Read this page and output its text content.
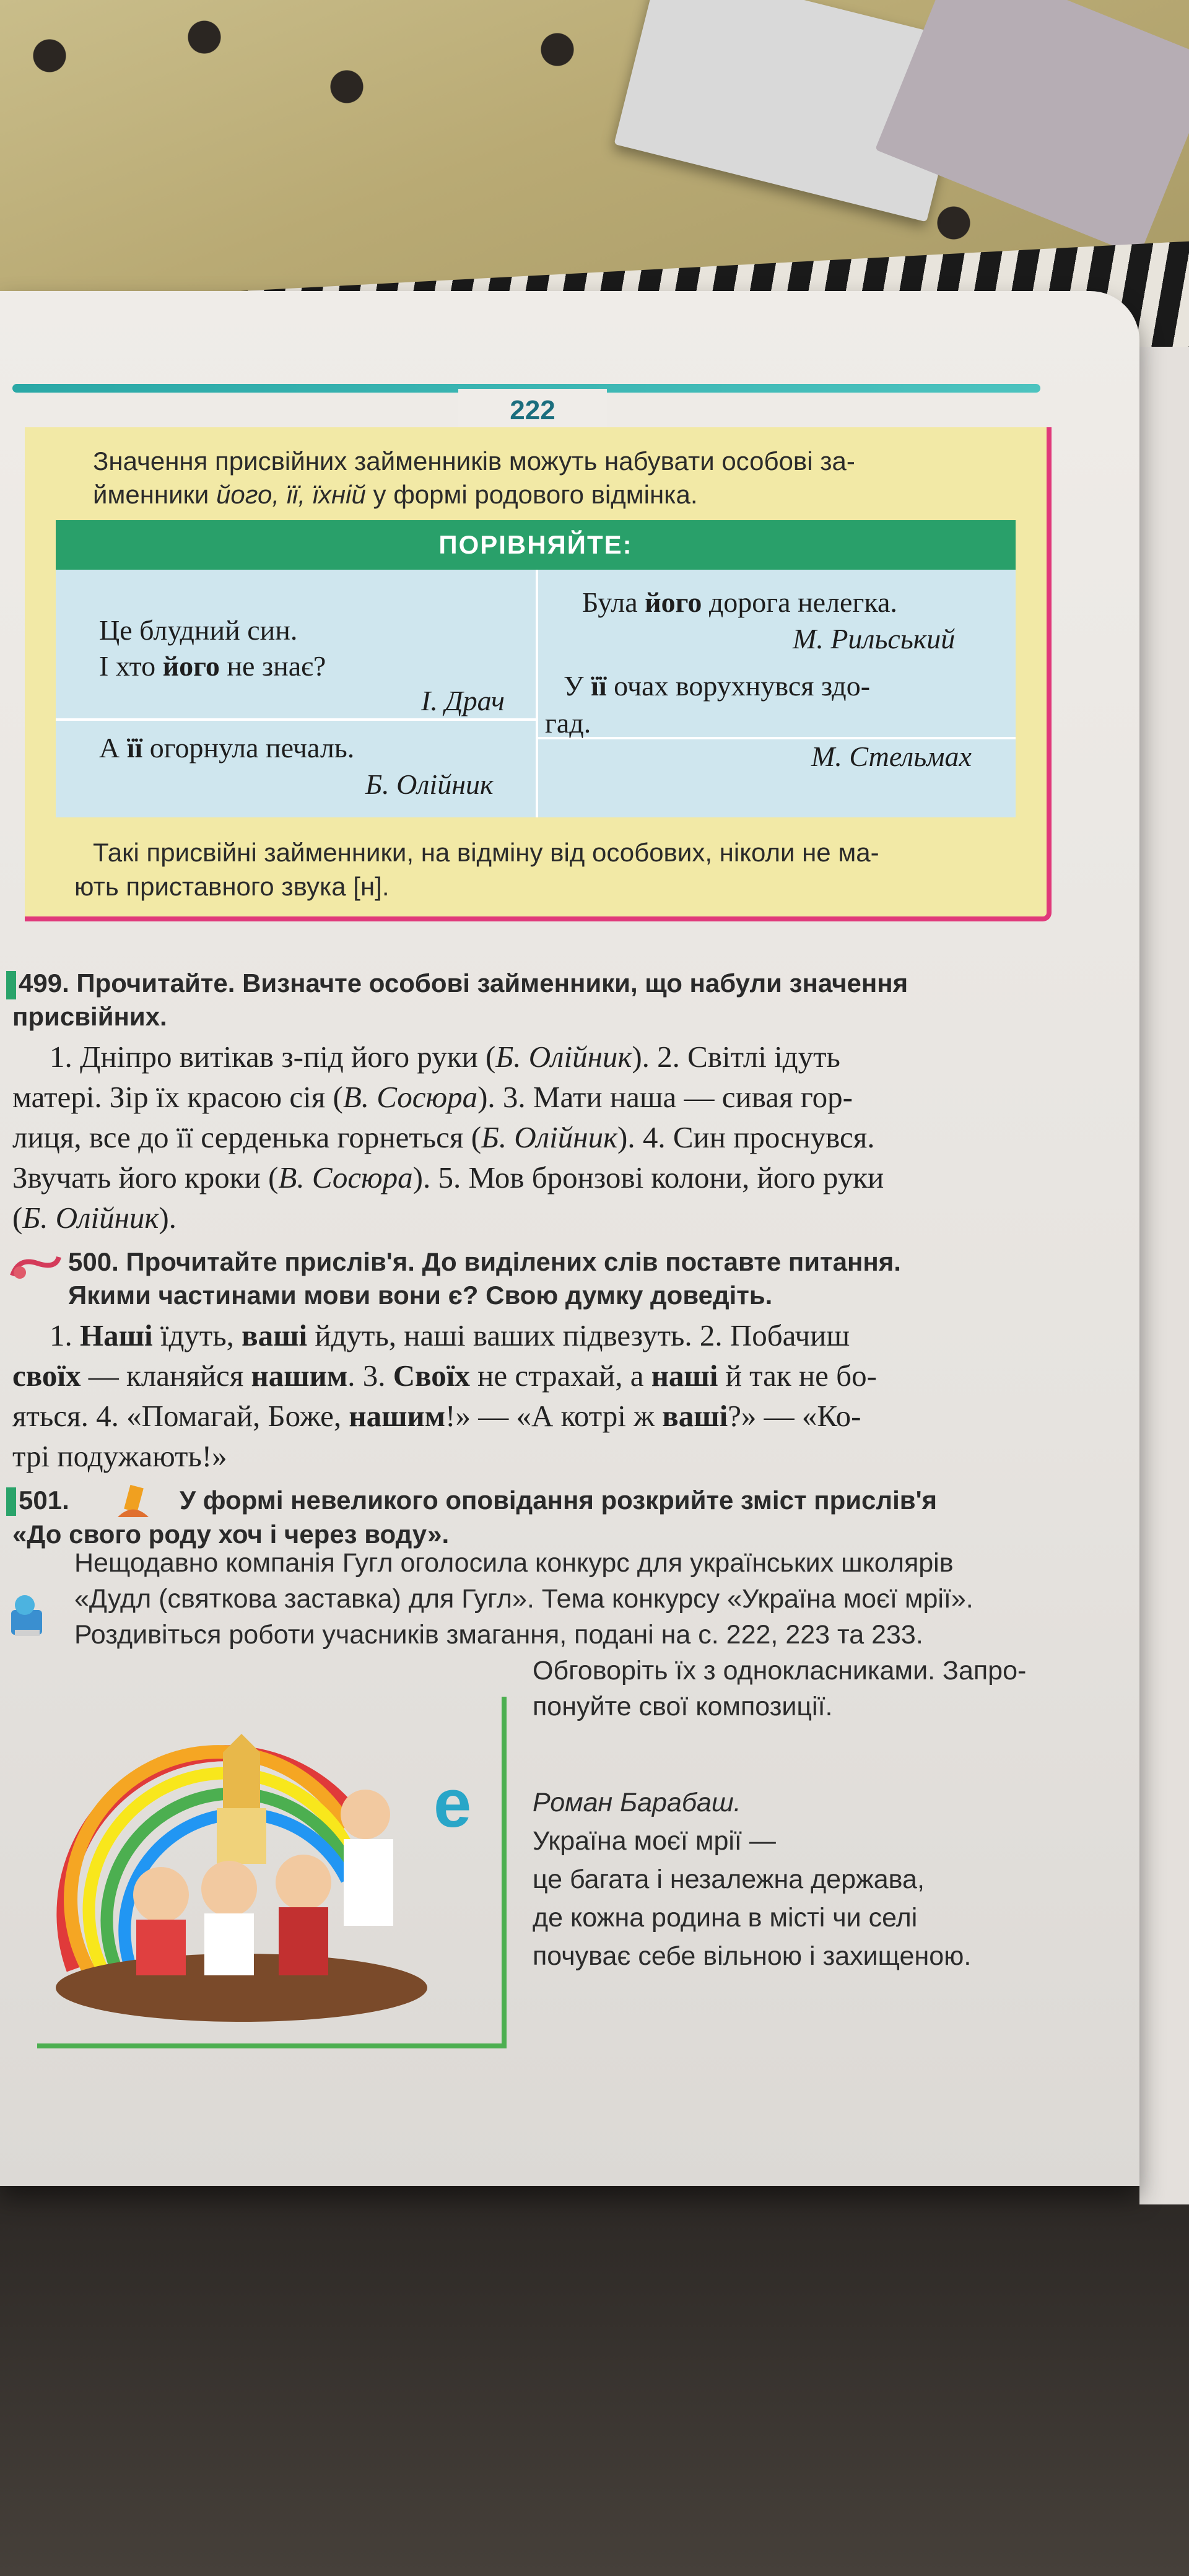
222
Значення присвійних займенників можуть набувати особові за-
йменники його, її, їхній у формі родового відмінка.
ПОРІВНЯЙТЕ:
Це блудний син.
І хто його не знає?
І. Драч
А її огорнула печаль.
Б. Олійник
Була його дорога нелегка.
М. Рильський
У її очах ворухнувся здо-
гад.
М. Стельмах
Такі присвійні займенники, на відміну від особових, ніколи не ма-
ють приставного звука [н].
499. Прочитайте. Визначте особові займенники, що набули значення
присвійних.
1. Дніпро витікав з-під його руки (Б. Олійник). 2. Світлі ідуть
матері. Зір їх красою сія (В. Сосюра). 3. Мати наша — сивая гор-
лиця, все до її серденька горнеться (Б. Олійник). 4. Син проснувся.
Звучать його кроки (В. Сосюра). 5. Мов бронзові колони, його руки
(Б. Олійник).
500. Прочитайте прислів'я. До виділених слів поставте питання.
Якими частинами мови вони є? Свою думку доведіть.
1. Наші їдуть, ваші йдуть, наші ваших підвезуть. 2. Побачиш
своїх — кланяйся нашим. 3. Своїх не страхай, а наші й так не бо-
яться. 4. «Помагай, Боже, нашим!» — «А котрі ж ваші?» — «Ко-
трі подужають!»
501.	У формі невеликого оповідання розкрийте зміст прислів'я
«До свого роду хоч і через воду».
Нещодавно компанія Гугл оголосила конкурс для українських школярів
«Дудл (святкова заставка) для Гугл». Тема конкурсу «Україна моєї мрії».
Роздивіться роботи учасників змагання, подані на с. 222, 223 та 233.
Обговоріть їх з однокласниками. Запро-
понуйте свої композиції.
e Роман Барабаш.
Україна моєї мрії —
це багата і незалежна держава,
де кожна родина в місті чи селі
почуває себе вільною і захищеною.
